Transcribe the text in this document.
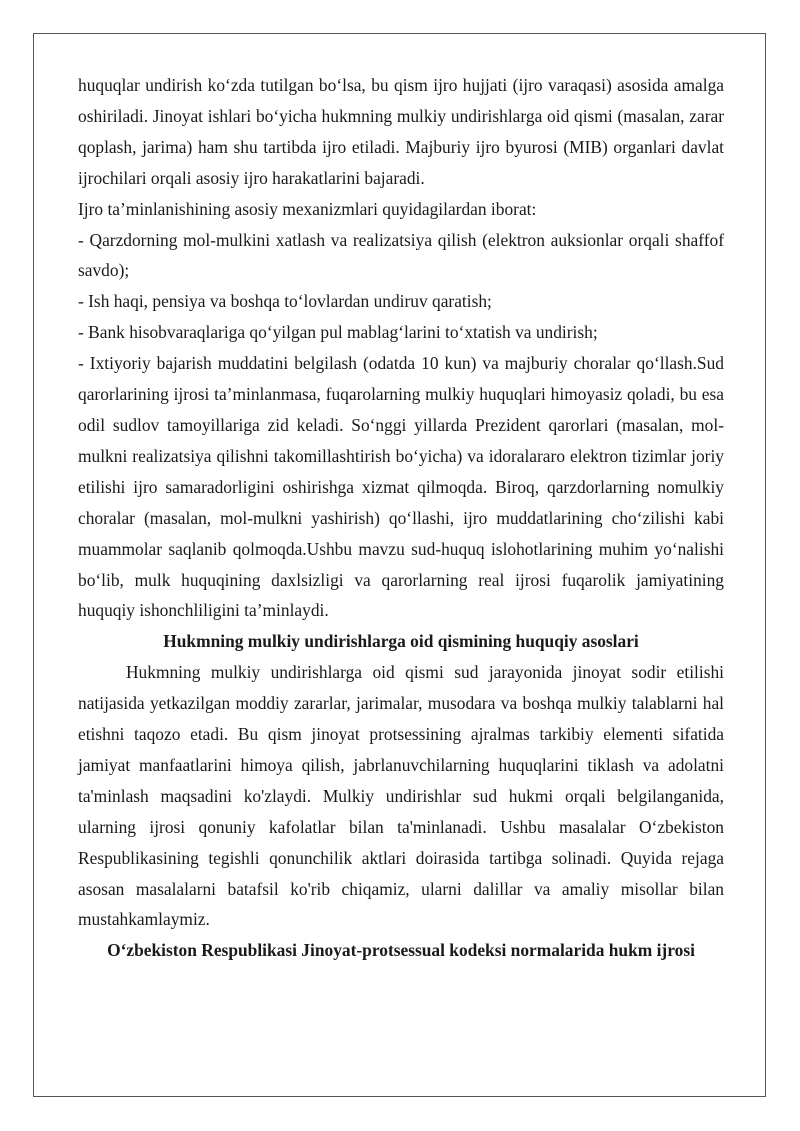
huquqlar undirish ko‘zda tutilgan bo‘lsa, bu qism ijro hujjati (ijro varaqasi) asosida amalga oshiriladi. Jinoyat ishlari bo‘yicha hukmning mulkiy undirishlarga oid qismi (masalan, zarar qoplash, jarima) ham shu tartibda ijro etiladi. Majburiy ijro byurosi (MIB) organlari davlat ijrochilari orqali asosiy ijro harakatlarini bajaradi.

Ijro ta’minlanishining asosiy mexanizmlari quyidagilardan iborat:

- Qarzdorning mol-mulkini xatlash va realizatsiya qilish (elektron auksionlar orqali shaffof savdo);

- Ish haqi, pensiya va boshqa to‘lovlardan undiruv qaratish;

- Bank hisobvaraqlariga qo‘yilgan pul mablag‘larini to‘xtatish va undirish;

- Ixtiyoriy bajarish muddatini belgilash (odatda 10 kun) va majburiy choralar qo‘llash.Sud qarorlarining ijrosi ta’minlanmasa, fuqarolarning mulkiy huquqlari himoyasiz qoladi, bu esa odil sudlov tamoyillariga zid keladi. So‘nggi yillarda Prezident qarorlari (masalan, mol-mulkni realizatsiya qilishni takomillashtirish bo‘yicha) va idoralararo elektron tizimlar joriy etilishi ijro samaradorligini oshirishga xizmat qilmoqda. Biroq, qarzdorlarning nomulkiy choralar (masalan, mol-mulkni yashirish) qo‘llashi, ijro muddatlarining cho‘zilishi kabi muammolar saqlanib qolmoqda.Ushbu mavzu sud-huquq islohotlarining muhim yo‘nalishi bo‘lib, mulk huquqining daxlsizligi va qarorlarning real ijrosi fuqarolik jamiyatining huquqiy ishonchliligini ta’minlaydi.

Hukmning mulkiy undirishlarga oid qismining huquqiy asoslari

Hukmning mulkiy undirishlarga oid qismi sud jarayonida jinoyat sodir etilishi natijasida yetkazilgan moddiy zararlar, jarimalar, musodara va boshqa mulkiy talablarni hal etishni taqozo etadi. Bu qism jinoyat protsessining ajralmas tarkibiy elementi sifatida jamiyat manfaatlarini himoya qilish, jabrlanuvchilarning huquqlarini tiklash va adolatni ta'minlash maqsadini ko'zlaydi. Mulkiy undirishlar sud hukmi orqali belgilanganida, ularning ijrosi qonuniy kafolatlar bilan ta'minlanadi. Ushbu masalalar O‘zbekiston Respublikasining tegishli qonunchilik aktlari doirasida tartibga solinadi. Quyida rejaga asosan masalalarni batafsil ko'rib chiqamiz, ularni dalillar va amaliy misollar bilan mustahkamlaymiz.

O‘zbekiston Respublikasi Jinoyat-protsessual kodeksi normalarida hukm ijrosi
